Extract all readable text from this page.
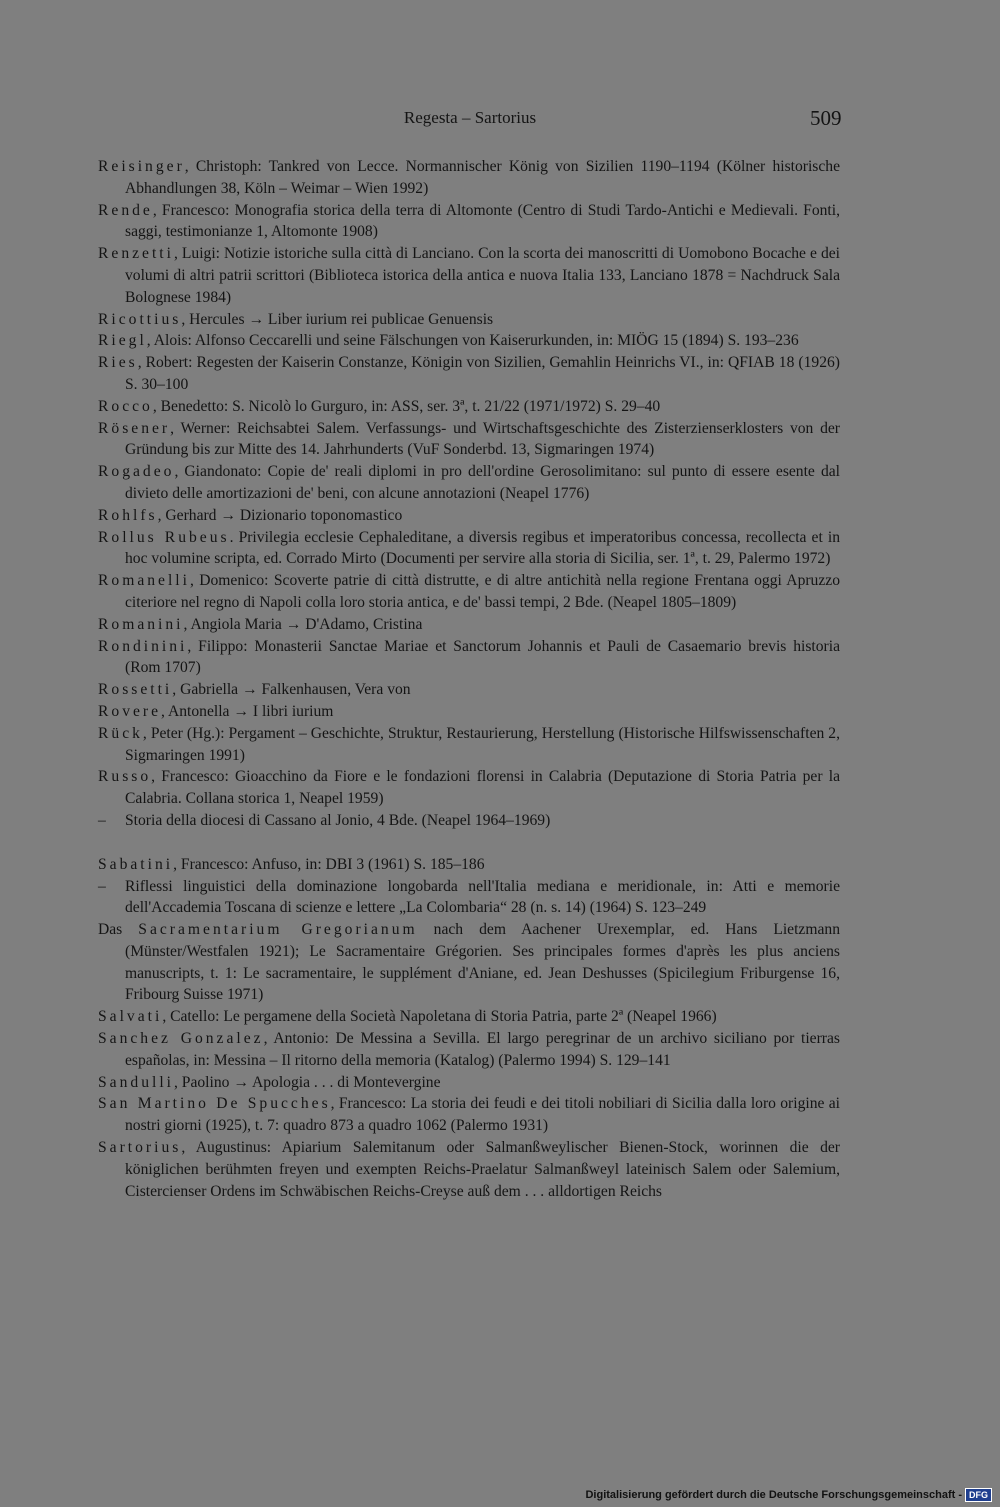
Regesta – Sartorius	509
Reisinger, Christoph: Tankred von Lecce. Normannischer König von Sizilien 1190–1194 (Kölner historische Abhandlungen 38, Köln – Weimar – Wien 1992)
Rende, Francesco: Monografia storica della terra di Altomonte (Centro di Studi Tardo-Antichi e Medievali. Fonti, saggi, testimonianze 1, Altomonte 1908)
Renzetti, Luigi: Notizie istoriche sulla città di Lanciano. Con la scorta dei manoscritti di Uomobono Bocache e dei volumi di altri patrii scrittori (Biblioteca istorica della antica e nuova Italia 133, Lanciano 1878 = Nachdruck Sala Bolognese 1984)
Ricottius, Hercules → Liber iurium rei publicae Genuensis
Riegl, Alois: Alfonso Ceccarelli und seine Fälschungen von Kaiserurkunden, in: MIÖG 15 (1894) S. 193–236
Ries, Robert: Regesten der Kaiserin Constanze, Königin von Sizilien, Gemahlin Heinrichs VI., in: QFIAB 18 (1926) S. 30–100
Rocco, Benedetto: S. Nicolò lo Gurguro, in: ASS, ser. 3ª, t. 21/22 (1971/1972) S. 29–40
Rösener, Werner: Reichsabtei Salem. Verfassungs- und Wirtschaftsgeschichte des Zisterzienserklosters von der Gründung bis zur Mitte des 14. Jahrhunderts (VuF Sonderbd. 13, Sigmaringen 1974)
Rogadeo, Giandonato: Copie de' reali diplomi in pro dell'ordine Gerosolimitano: sul punto di essere esente dal divieto delle amortizazioni de' beni, con alcune annotazioni (Neapel 1776)
Rohlfs, Gerhard → Dizionario toponomastico
Rollus Rubeus. Privilegia ecclesie Cephaleditane, a diversis regibus et imperatoribus concessa, recollecta et in hoc volumine scripta, ed. Corrado Mirto (Documenti per servire alla storia di Sicilia, ser. 1ª, t. 29, Palermo 1972)
Romanelli, Domenico: Scoverte patrie di città distrutte, e di altre antichità nella regione Frentana oggi Apruzzo citeriore nel regno di Napoli colla loro storia antica, e de' bassi tempi, 2 Bde. (Neapel 1805–1809)
Romanini, Angiola Maria → D'Adamo, Cristina
Rondinini, Filippo: Monasterii Sanctae Mariae et Sanctorum Johannis et Pauli de Casaemario brevis historia (Rom 1707)
Rossetti, Gabriella → Falkenhausen, Vera von
Rovere, Antonella → I libri iurium
Rück, Peter (Hg.): Pergament – Geschichte, Struktur, Restaurierung, Herstellung (Historische Hilfswissenschaften 2, Sigmaringen 1991)
Russo, Francesco: Gioacchino da Fiore e le fondazioni florensi in Calabria (Deputazione di Storia Patria per la Calabria. Collana storica 1, Neapel 1959)
– Storia della diocesi di Cassano al Jonio, 4 Bde. (Neapel 1964–1969)
Sabatini, Francesco: Anfuso, in: DBI 3 (1961) S. 185–186
– Riflessi linguistici della dominazione longobarda nell'Italia mediana e meridionale, in: Atti e memorie dell'Accademia Toscana di scienze e lettere „La Colombaria“ 28 (n. s. 14) (1964) S. 123–249
Das Sacramentarium Gregorianum nach dem Aachener Urexemplar, ed. Hans Lietzmann (Münster/Westfalen 1921); Le Sacramentaire Grégorien. Ses principales formes d'après les plus anciens manuscripts, t. 1: Le sacramentaire, le supplément d'Aniane, ed. Jean Deshusses (Spicilegium Friburgense 16, Fribourg Suisse 1971)
Salvati, Catello: Le pergamene della Società Napoletana di Storia Patria, parte 2ª (Neapel 1966)
Sanchez Gonzalez, Antonio: De Messina a Sevilla. El largo peregrinar de un archivo siciliano por tierras españolas, in: Messina – Il ritorno della memoria (Katalog) (Palermo 1994) S. 129–141
Sandulli, Paolino → Apologia . . . di Montevergine
San Martino De Spucches, Francesco: La storia dei feudi e dei titoli nobiliari di Sicilia dalla loro origine ai nostri giorni (1925), t. 7: quadro 873 a quadro 1062 (Palermo 1931)
Sartorius, Augustinus: Apiarium Salemitanum oder Salmanßweylischer Bienen-Stock, worinnen die der königlichen berühmten freyen und exempten Reichs-Praelatur Salmanßweyl lateinisch Salem oder Salemium, Cistercienser Ordens im Schwäbischen Reichs-Creyse auß dem . . . alldortigen Reichs
Digitalisierung gefördert durch die Deutsche Forschungsgemeinschaft - DFG
